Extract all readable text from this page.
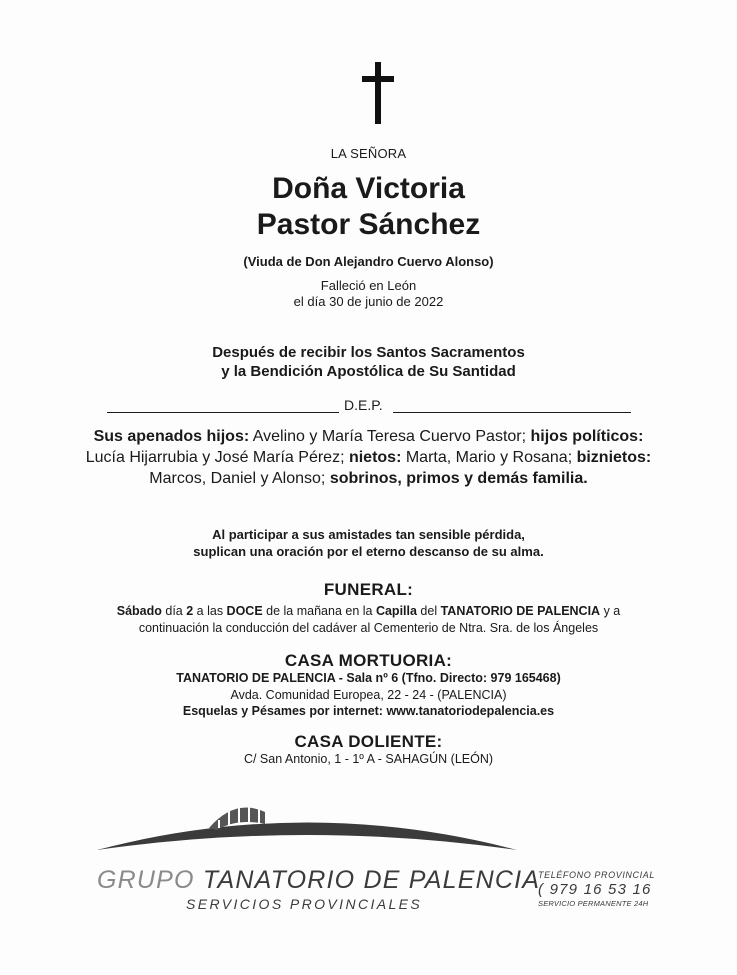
LA SEÑORA
Doña Victoria
Pastor Sánchez
(Viuda de Don Alejandro Cuervo Alonso)
Falleció en León
el día 30 de junio de 2022
Después de recibir los Santos Sacramentos
y la Bendición Apostólica de Su Santidad
D.E.P.
Sus apenados hijos: Avelino y María Teresa Cuervo Pastor; hijos políticos:
Lucía Hijarrubia y José María Pérez; nietos: Marta, Mario y Rosana; biznietos:
Marcos, Daniel y Alonso; sobrinos, primos y demás familia.
Al participar a sus amistades tan sensible pérdida,
suplican una oración por el eterno descanso de su alma.
FUNERAL:
Sábado día 2 a las DOCE de la mañana en la Capilla del TANATORIO DE PALENCIA y a
continuación la conducción del cadáver al Cementerio de Ntra. Sra. de los Ángeles
CASA MORTUORIA:
TANATORIO DE PALENCIA - Sala nº 6 (Tfno. Directo: 979 165468)
Avda. Comunidad Europea, 22 - 24 - (PALENCIA)
Esquelas y Pésames por internet: www.tanatoriodepalencia.es
CASA DOLIENTE:
C/ San Antonio, 1 - 1º A - SAHAGÚN (LEÓN)
GRUPO TANATORIO DE PALENCIA
SERVICIOS PROVINCIALES
TELÉFONO PROVINCIAL
( 979 16 53 16
SERVICIO PERMANENTE 24H
